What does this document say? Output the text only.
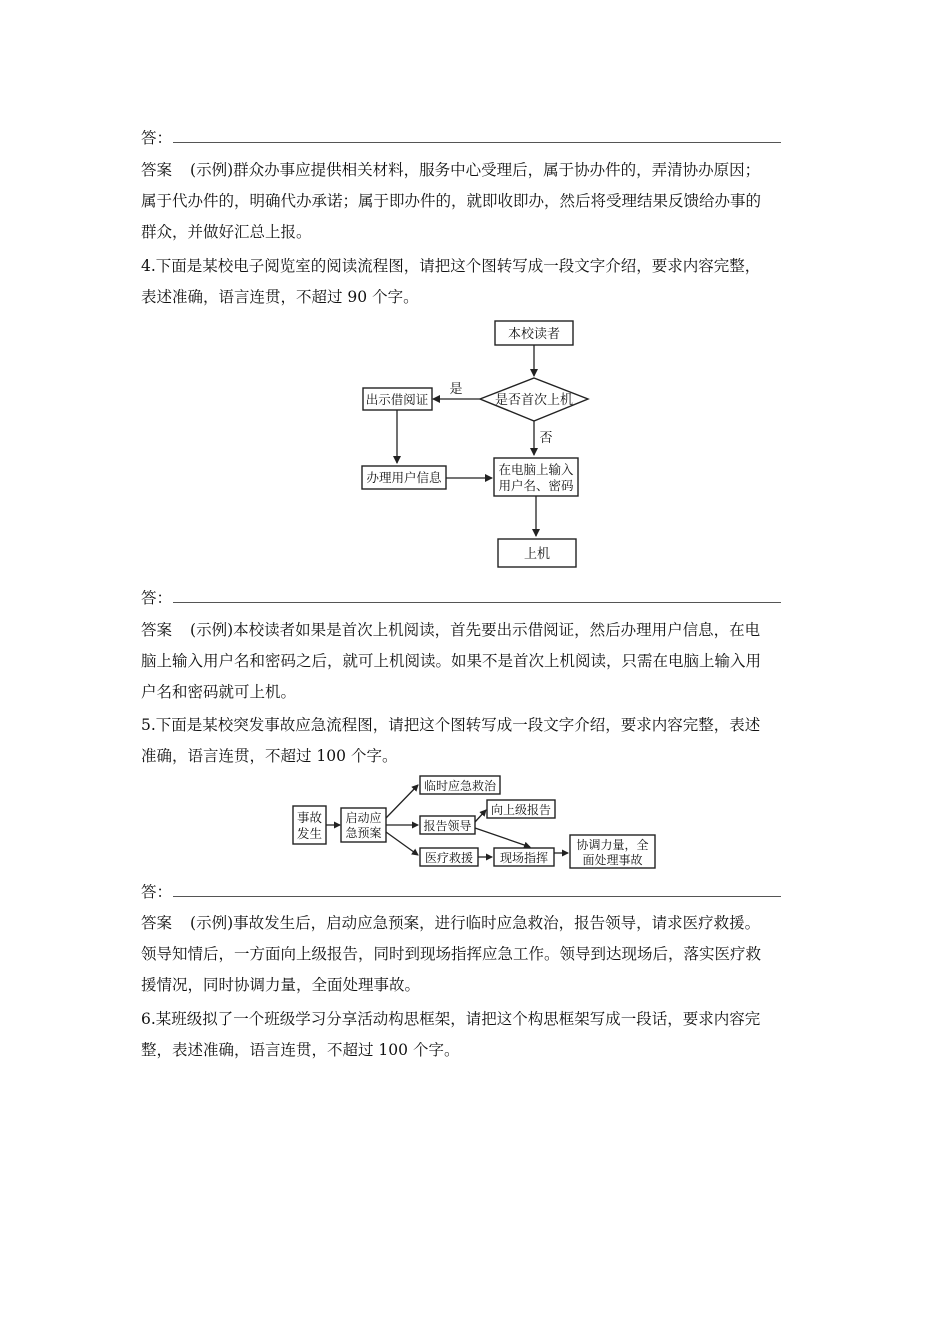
答：
答案 (示例)群众办事应提供相关材料，服务中心受理后，属于协办件的，弄清协办原因；
属于代办件的，明确代办承诺；属于即办件的，就即收即办，然后将受理结果反馈给办事的
群众，并做好汇总上报。
4.下面是某校电子阅览室的阅读流程图，请把这个图转写成一段文字介绍，要求内容完整，
表述准确，语言连贯，不超过 90 个字。
本校读者
是否首次上机
是
出示借阅证
办理用户信息
否
在电脑上输入
用户名、密码
上机
答：
答案 (示例)本校读者如果是首次上机阅读，首先要出示借阅证，然后办理用户信息，在电
脑上输入用户名和密码之后，就可上机阅读。如果不是首次上机阅读，只需在电脑上输入用
户名和密码就可上机。
5.下面是某校突发事故应急流程图，请把这个图转写成一段文字介绍，要求内容完整，表述
准确，语言连贯，不超过 100 个字。
事故
发生
启动应
急预案
临时应急救治
报告领导
向上级报告
医疗救援 现场指挥
协调力量，全
面处理事故
答：
答案 (示例)事故发生后，启动应急预案，进行临时应急救治，报告领导，请求医疗救援。
领导知情后，一方面向上级报告，同时到现场指挥应急工作。领导到达现场后，落实医疗救
援情况，同时协调力量，全面处理事故。
6.某班级拟了一个班级学习分享活动构思框架，请把这个构思框架写成一段话，要求内容完
整，表述准确，语言连贯，不超过 100 个字。
